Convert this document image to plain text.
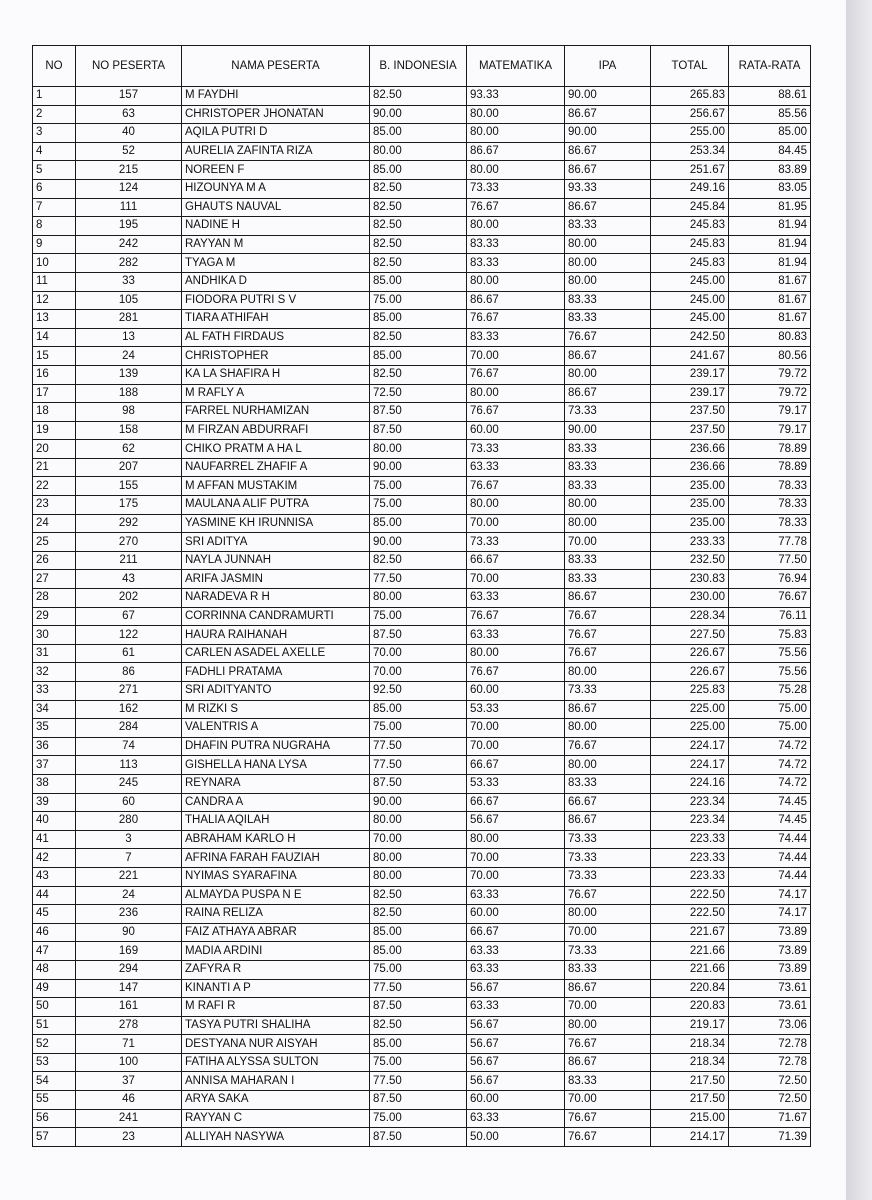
NO	NO PESERTA	NAMA PESERTA	B. INDONESIA	MATEMATIKA	IPA	TOTAL	RATA-RATA
1	157	M FAYDHI	82.50	93.33	90.00	265.83	88.61
2	63	CHRISTOPER JHONATAN	90.00	80.00	86.67	256.67	85.56
3	40	AQILA PUTRI D	85.00	80.00	90.00	255.00	85.00
4	52	AURELIA ZAFINTA RIZA	80.00	86.67	86.67	253.34	84.45
5	215	NOREEN F	85.00	80.00	86.67	251.67	83.89
6	124	HIZOUNYA M A	82.50	73.33	93.33	249.16	83.05
7	111	GHAUTS NAUVAL	82.50	76.67	86.67	245.84	81.95
8	195	NADINE H	82.50	80.00	83.33	245.83	81.94
9	242	RAYYAN M	82.50	83.33	80.00	245.83	81.94
10	282	TYAGA M	82.50	83.33	80.00	245.83	81.94
11	33	ANDHIKA D	85.00	80.00	80.00	245.00	81.67
12	105	FIODORA PUTRI S V	75.00	86.67	83.33	245.00	81.67
13	281	TIARA ATHIFAH	85.00	76.67	83.33	245.00	81.67
14	13	AL FATH FIRDAUS	82.50	83.33	76.67	242.50	80.83
15	24	CHRISTOPHER	85.00	70.00	86.67	241.67	80.56
16	139	KA LA SHAFIRA H	82.50	76.67	80.00	239.17	79.72
17	188	M RAFLY A	72.50	80.00	86.67	239.17	79.72
18	98	FARREL NURHAMIZAN	87.50	76.67	73.33	237.50	79.17
19	158	M FIRZAN ABDURRAFI	87.50	60.00	90.00	237.50	79.17
20	62	CHIKO PRATM A HA L	80.00	73.33	83.33	236.66	78.89
21	207	NAUFARREL ZHAFIF A	90.00	63.33	83.33	236.66	78.89
22	155	M AFFAN MUSTAKIM	75.00	76.67	83.33	235.00	78.33
23	175	MAULANA ALIF PUTRA	75.00	80.00	80.00	235.00	78.33
24	292	YASMINE KH IRUNNISA	85.00	70.00	80.00	235.00	78.33
25	270	SRI ADITYA	90.00	73.33	70.00	233.33	77.78
26	211	NAYLA JUNNAH	82.50	66.67	83.33	232.50	77.50
27	43	ARIFA JASMIN	77.50	70.00	83.33	230.83	76.94
28	202	NARADEVA R H	80.00	63.33	86.67	230.00	76.67
29	67	CORRINNA CANDRAMURTI	75.00	76.67	76.67	228.34	76.11
30	122	HAURA RAIHANAH	87.50	63.33	76.67	227.50	75.83
31	61	CARLEN ASADEL AXELLE	70.00	80.00	76.67	226.67	75.56
32	86	FADHLI PRATAMA	70.00	76.67	80.00	226.67	75.56
33	271	SRI ADITYANTO	92.50	60.00	73.33	225.83	75.28
34	162	M RIZKI S	85.00	53.33	86.67	225.00	75.00
35	284	VALENTRIS A	75.00	70.00	80.00	225.00	75.00
36	74	DHAFIN PUTRA NUGRAHA	77.50	70.00	76.67	224.17	74.72
37	113	GISHELLA HANA LYSA	77.50	66.67	80.00	224.17	74.72
38	245	REYNARA	87.50	53.33	83.33	224.16	74.72
39	60	CANDRA A	90.00	66.67	66.67	223.34	74.45
40	280	THALIA AQILAH	80.00	56.67	86.67	223.34	74.45
41	3	ABRAHAM KARLO H	70.00	80.00	73.33	223.33	74.44
42	7	AFRINA FARAH FAUZIAH	80.00	70.00	73.33	223.33	74.44
43	221	NYIMAS SYARAFINA	80.00	70.00	73.33	223.33	74.44
44	24	ALMAYDA PUSPA N E	82.50	63.33	76.67	222.50	74.17
45	236	RAINA RELIZA	82.50	60.00	80.00	222.50	74.17
46	90	FAIZ ATHAYA ABRAR	85.00	66.67	70.00	221.67	73.89
47	169	MADIA ARDINI	85.00	63.33	73.33	221.66	73.89
48	294	ZAFYRA R	75.00	63.33	83.33	221.66	73.89
49	147	KINANTI A P	77.50	56.67	86.67	220.84	73.61
50	161	M RAFI R	87.50	63.33	70.00	220.83	73.61
51	278	TASYA PUTRI SHALIHA	82.50	56.67	80.00	219.17	73.06
52	71	DESTYANA NUR AISYAH	85.00	56.67	76.67	218.34	72.78
53	100	FATIHA ALYSSA SULTON	75.00	56.67	86.67	218.34	72.78
54	37	ANNISA MAHARAN I	77.50	56.67	83.33	217.50	72.50
55	46	ARYA SAKA	87.50	60.00	70.00	217.50	72.50
56	241	RAYYAN C	75.00	63.33	76.67	215.00	71.67
57	23	ALLIYAH NASYWA	87.50	50.00	76.67	214.17	71.39
